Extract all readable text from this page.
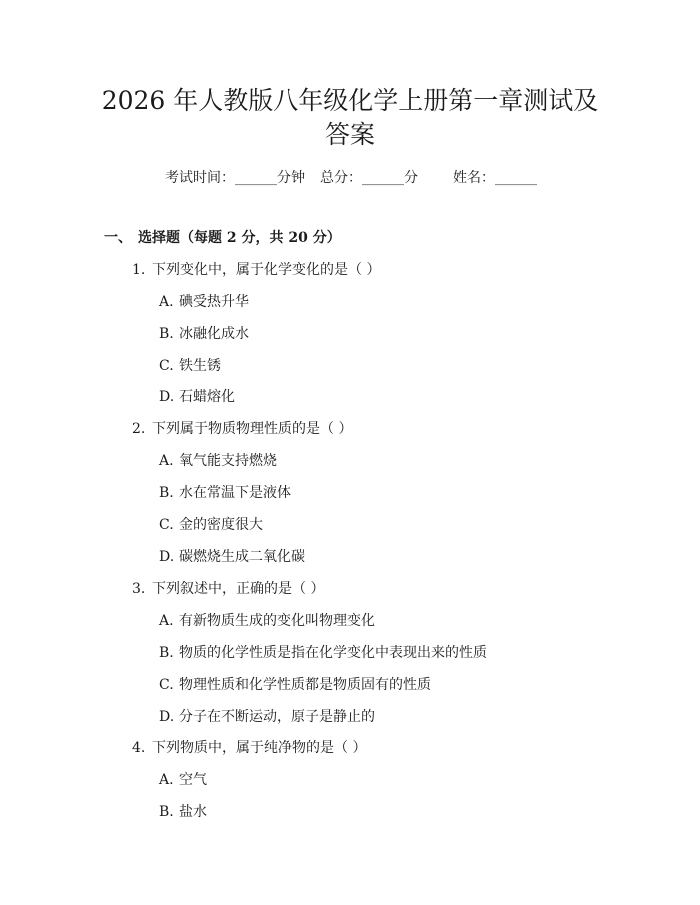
2026 年人教版八年级化学上册第一章测试及
答案
考试时间：______分钟 总分：______分	姓名：______
一、 选择题（每题 2 分，共 20 分）
1. 下列变化中，属于化学变化的是（ ）
A. 碘受热升华
B. 冰融化成水
C. 铁生锈
D. 石蜡熔化
2. 下列属于物质物理性质的是（ ）
A. 氧气能支持燃烧
B. 水在常温下是液体
C. 金的密度很大
D. 碳燃烧生成二氧化碳
3. 下列叙述中，正确的是（ ）
A. 有新物质生成的变化叫物理变化
B. 物质的化学性质是指在化学变化中表现出来的性质
C. 物理性质和化学性质都是物质固有的性质
D. 分子在不断运动，原子是静止的
4. 下列物质中，属于纯净物的是（ ）
A. 空气
B. 盐水
